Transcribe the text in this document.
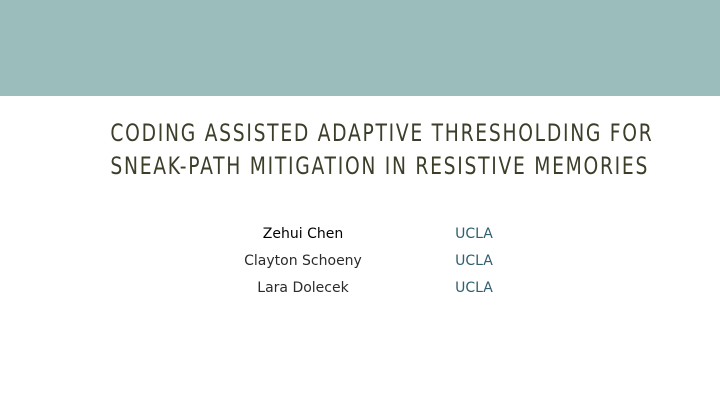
CODING ASSISTED ADAPTIVE THRESHOLDING FOR
SNEAK-PATH MITIGATION IN RESISTIVE MEMORIES
Zehui Chen	UCLA
Clayton Schoeny	UCLA
Lara Dolecek	UCLA
